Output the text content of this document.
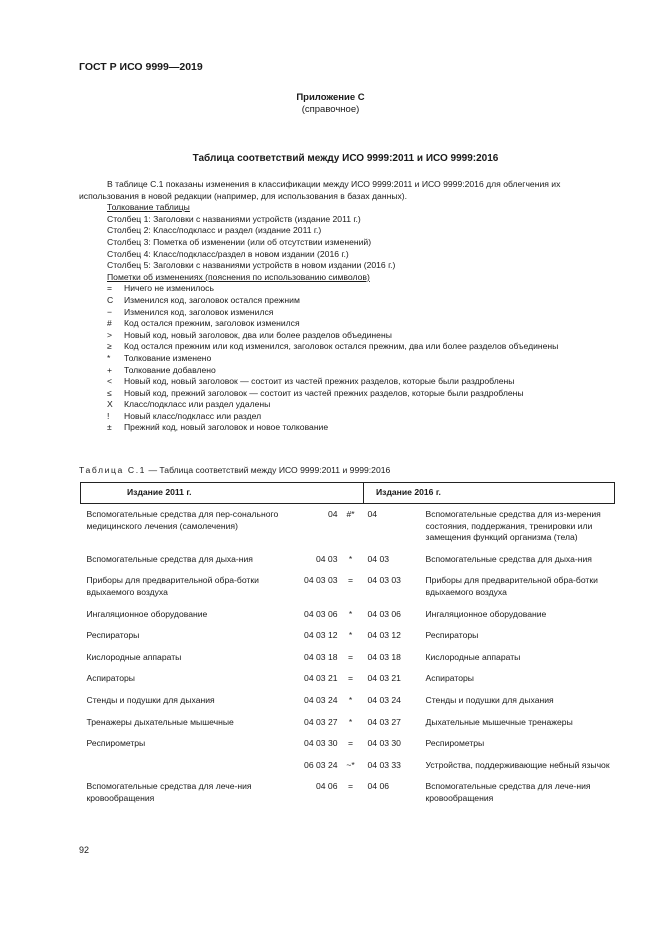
ГОСТ Р ИСО 9999—2019
Приложение С
(справочное)
Таблица соответствий между ИСО 9999:2011 и ИСО 9999:2016
В таблице С.1 показаны изменения в классификации между ИСО 9999:2011 и ИСО 9999:2016 для облегчения их использования в новой редакции (например, для использования в базах данных).
Толкование таблицы
Столбец 1: Заголовки с названиями устройств (издание 2011 г.)
Столбец 2: Класс/подкласс и раздел (издание 2011 г.)
Столбец 3: Пометка об изменении (или об отсутствии изменений)
Столбец 4: Класс/подкласс/раздел в новом издании (2016 г.)
Столбец 5: Заголовки с названиями устройств в новом издании (2016 г.)
Пометки об изменениях (пояснения по использованию символов)
=	Ничего не изменилось
С	Изменился код, заголовок остался прежним
−	Изменился код, заголовок изменился
#	Код остался прежним, заголовок изменился
>	Новый код, новый заголовок, два или более разделов объединены
≥	Код остался прежним или код изменился, заголовок остался прежним, два или более разделов объединены
*	Толкование изменено
+	Толкование добавлено
<	Новый код, новый заголовок — состоит из частей прежних разделов, которые были раздроблены
≤	Новый код, прежний заголовок — состоит из частей прежних разделов, которые были раздроблены
X	Класс/подкласс или раздел удалены
!	Новый класс/подкласс или раздел
±	Прежний код, новый заголовок и новое толкование
Таблица С.1 — Таблица соответствий между ИСО 9999:2011 и 9999:2016
Издание 2011 г.			Издание 2016 г.	

Вспомогательные средства для пер-сонального медицинского лечения (самолечения)	04	#*	04	Вспомогательные средства для из-мерения состояния, поддержания, тренировки или замещения функций организма (тела)

Вспомогательные средства для дыха-ния	04 03	*	04 03	Вспомогательные средства для дыха-ния

Приборы для предварительной обра-ботки вдыхаемого воздуха	04 03 03	=	04 03 03	Приборы для предварительной обра-ботки вдыхаемого воздуха

Ингаляционное оборудование	04 03 06	*	04 03 06	Ингаляционное оборудование

Респираторы	04 03 12	*	04 03 12	Респираторы

Кислородные аппараты	04 03 18	=	04 03 18	Кислородные аппараты

Аспираторы	04 03 21	=	04 03 21	Аспираторы

Стенды и подушки для дыхания	04 03 24	*	04 03 24	Стенды и подушки для дыхания

Тренажеры дыхательные мышечные	04 03 27	*	04 03 27	Дыхательные мышечные тренажеры

Респирометры	04 03 30	=	04 03 30	Респирометры

	06 03 24	~*	04 03 33	Устройства, поддерживающие небный язычок

Вспомогательные средства для лече-ния кровообращения	04 06	=	04 06	Вспомогательные средства для лече-ния кровообращения

92
